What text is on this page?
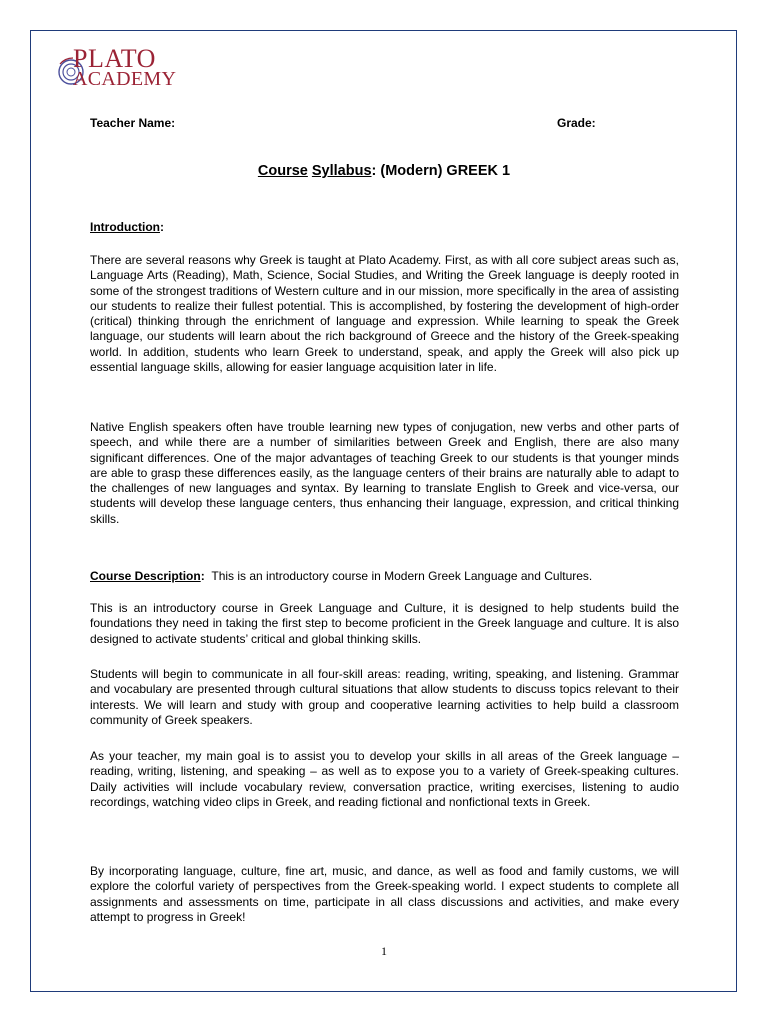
PLATO
ACADEMY
Teacher Name:	Grade:
Course Syllabus: (Modern) GREEK 1
Introduction:

There are several reasons why Greek is taught at Plato Academy. First, as with all core subject areas such as, Language Arts (Reading), Math, Science, Social Studies, and Writing the Greek language is deeply rooted in some of the strongest traditions of Western culture and in our mission, more specifically in the area of assisting our students to realize their fullest potential. This is accomplished, by fostering the development of high-order (critical) thinking through the enrichment of language and expression. While learning to speak the Greek language, our students will learn about the rich background of Greece and the history of the Greek-speaking world. In addition, students who learn Greek to understand, speak, and apply the Greek will also pick up essential language skills, allowing for easier language acquisition later in life.

Native English speakers often have trouble learning new types of conjugation, new verbs and other parts of speech, and while there are a number of similarities between Greek and English, there are also many significant differences. One of the major advantages of teaching Greek to our students is that younger minds are able to grasp these differences easily, as the language centers of their brains are naturally able to adapt to the challenges of new languages and syntax. By learning to translate English to Greek and vice-versa, our students will develop these language centers, thus enhancing their language, expression, and critical thinking skills.

Course Description: This is an introductory course in Modern Greek Language and Cultures.

This is an introductory course in Greek Language and Culture, it is designed to help students build the foundations they need in taking the first step to become proficient in the Greek language and culture. It is also designed to activate students’ critical and global thinking skills.

Students will begin to communicate in all four-skill areas: reading, writing, speaking, and listening. Grammar and vocabulary are presented through cultural situations that allow students to discuss topics relevant to their interests. We will learn and study with group and cooperative learning activities to help build a classroom community of Greek speakers.

As your teacher, my main goal is to assist you to develop your skills in all areas of the Greek language – reading, writing, listening, and speaking – as well as to expose you to a variety of Greek-speaking cultures. Daily activities will include vocabulary review, conversation practice, writing exercises, listening to audio recordings, watching video clips in Greek, and reading fictional and nonfictional texts in Greek.

By incorporating language, culture, fine art, music, and dance, as well as food and family customs, we will explore the colorful variety of perspectives from the Greek-speaking world. I expect students to complete all assignments and assessments on time, participate in all class discussions and activities, and make every attempt to progress in Greek!

1
